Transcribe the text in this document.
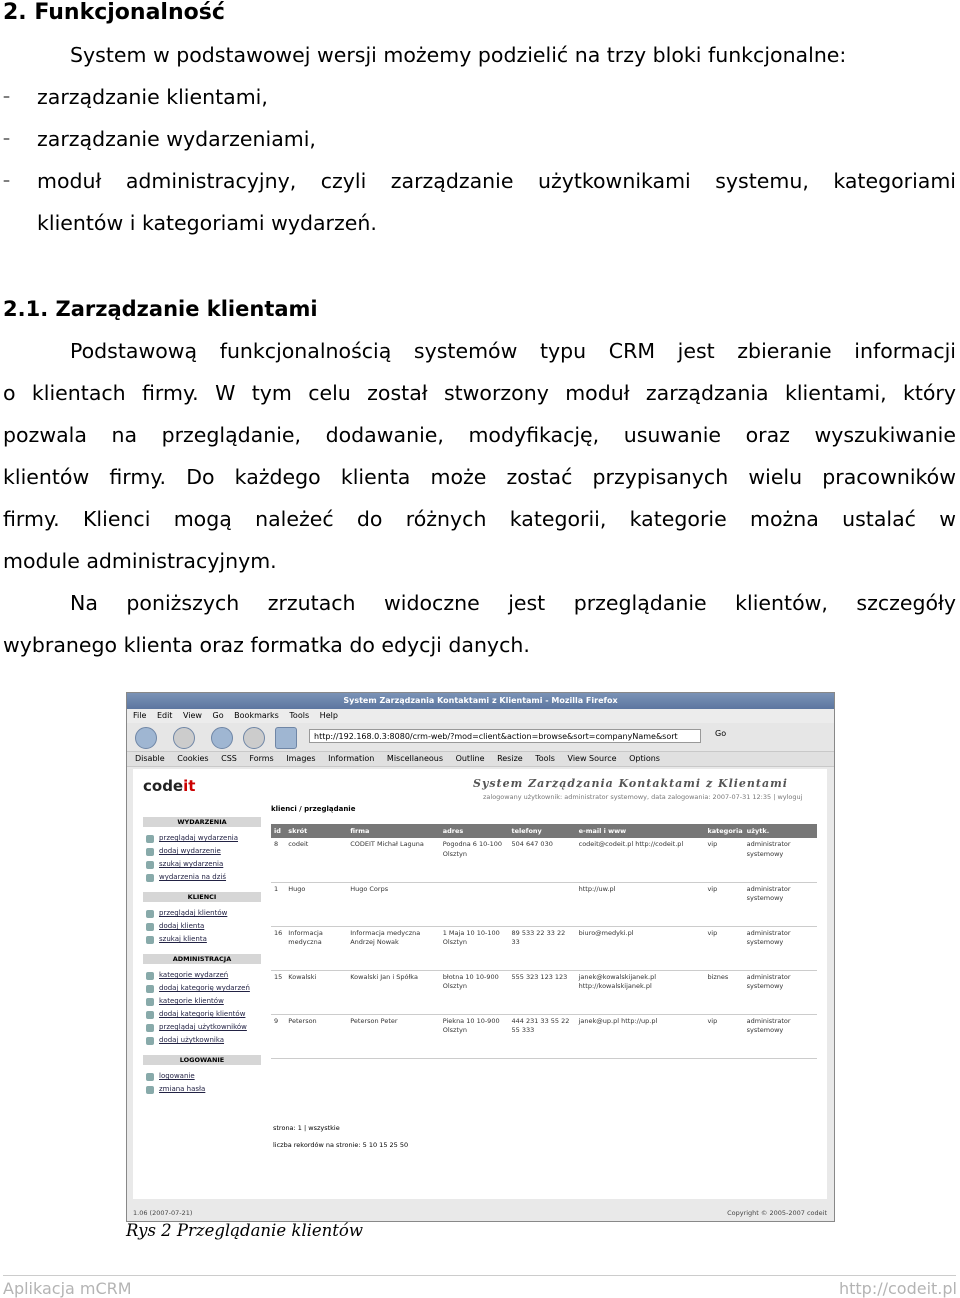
2. Funkcjonalność
System w podstawowej wersji możemy podzielić na trzy bloki funkcjonalne:
– zarządzanie klientami,
– zarządzanie wydarzeniami,
– moduł administracyjny, czyli zarządzanie użytkownikami systemu, kategoriami
klientów i kategoriami wydarzeń.
2.1. Zarządzanie klientami
Podstawową funkcjonalnością systemów typu CRM jest zbieranie informacji
o klientach firmy. W tym celu został stworzony moduł zarządzania klientami, który
pozwala na przeglądanie, dodawanie, modyfikację, usuwanie oraz wyszukiwanie
klientów firmy. Do każdego klienta może zostać przypisanych wielu pracowników
firmy. Klienci mogą należeć do różnych kategorii, kategorie można ustalać w
module administracyjnym.
Na poniższych zrzutach widoczne jest przeglądanie klientów, szczegóły
wybranego klienta oraz formatka do edycji danych.
System Zarządzania Kontaktami z Klientami - Mozilla Firefox
File Edit View Go Bookmarks Tools Help
http://192.168.0.3:8080/crm-web/?mod=client&action=browse&sort=companyName&sort	Go
Disable Cookies CSS Forms Images Information Miscellaneous Outline Resize Tools View Source Options
codeit	System Zarządzania Kontaktami z Klientami
zalogowany użytkownik: administrator systemowy, data zalogowania: 2007-07-31 12:35 | wyloguj
WYDARZENIA
przeglądaj wydarzenia
dodaj wydarzenie
szukaj wydarzenia
wydarzenia na dziś
KLIENCI
przeglądaj klientów
dodaj klienta
szukaj klienta
ADMINISTRACJA
kategorie wydarzeń
dodaj kategorię wydarzeń
kategorie klientów
dodaj kategorię klientów
przeglądaj użytkowników
dodaj użytkownika
LOGOWANIE
logowanie
zmiana hasła
klienci / przeglądanie
id	skrót	firma	adres	telefony	e-mail i www	kategoria	użytk.
8	codeit	CODEIT Michał Laguna	Pogodna 6 10-100 Olsztyn	504 647 030	codeit@codeit.pl http://codeit.pl	vip	administrator systemowy
1	Hugo	Hugo Corps			http://uw.pl	vip	administrator systemowy
16	Informacja medyczna	Informacja medyczna Andrzej Nowak	1 Maja 10 10-100 Olsztyn	89 533 22 33 22 33	biuro@medyki.pl	vip	administrator systemowy
15	Kowalski	Kowalski Jan i Spółka	błotna 10 10-900 Olsztyn	555 323 123 123	janek@kowalskijanek.pl http://kowalskijanek.pl	biznes	administrator systemowy
9	Peterson	Peterson Peter	Piekna 10 10-900 Olsztyn	444 231 33 55 22 55 333	janek@up.pl http://up.pl	vip	administrator systemowy
strona: 1 | wszystkie
liczba rekordów na stronie: 5 10 15 25 50
1.06 (2007-07-21)	Copyright © 2005-2007 codeit
Rys 2 Przeglądanie klientów
Aplikacja mCRM	http://codeit.pl
